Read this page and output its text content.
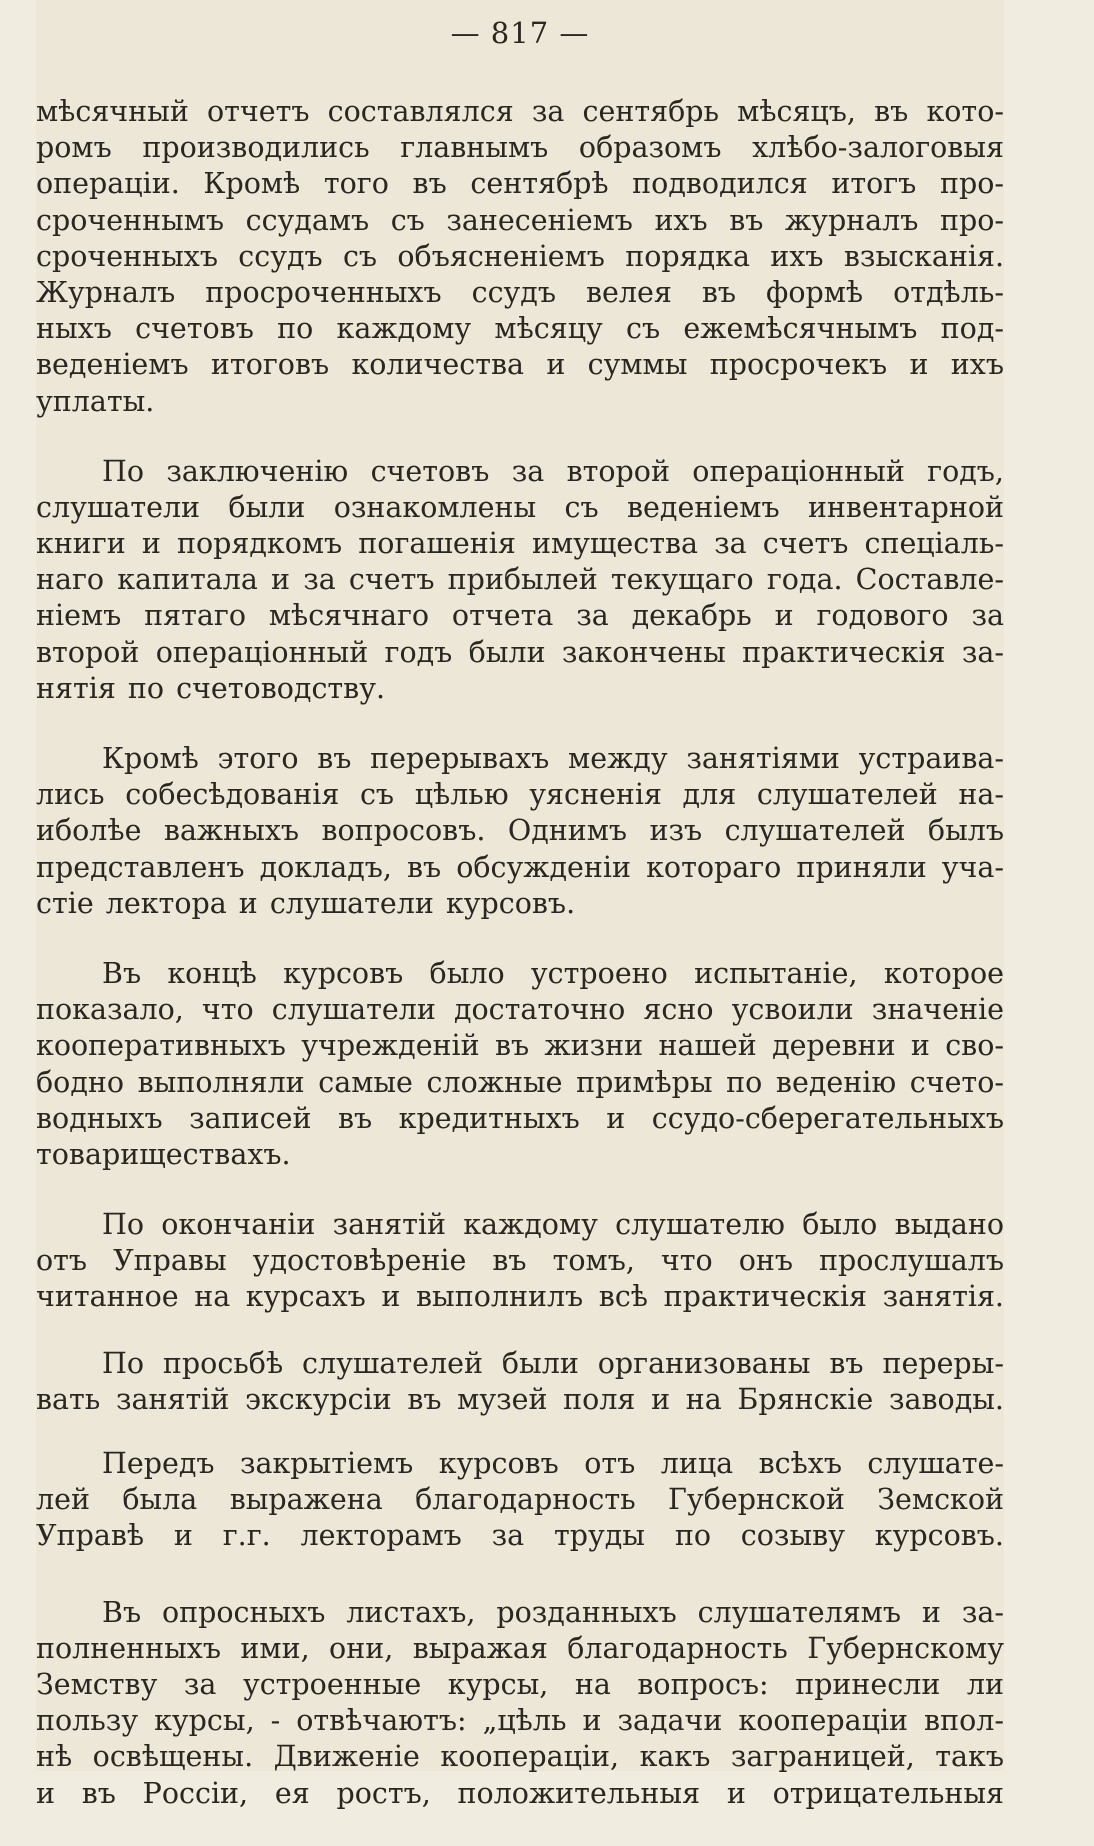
— 817 —
мѣсячный отчетъ составлялся за сентябрь мѣсяцъ, въ кото-
ромъ производились главнымъ образомъ хлѣбо-залоговыя
операціи. Кромѣ того въ сентябрѣ подводился итогъ про-
сроченнымъ ссудамъ съ занесеніемъ ихъ въ журналъ про-
сроченныхъ ссудъ съ объясненіемъ порядка ихъ взысканія.
Журналъ просроченныхъ ссудъ велея въ формѣ отдѣль-
ныхъ счетовъ по каждому мѣсяцу съ ежемѣсячнымъ под-
веденіемъ итоговъ количества и суммы просрочекъ и ихъ
уплаты.
По заключенію счетовъ за второй операціонный годъ,
слушатели были ознакомлены съ веденіемъ инвентарной
книги и порядкомъ погашенія имущества за счетъ спеціаль-
наго капитала и за счетъ прибылей текущаго года. Составле-
ніемъ пятаго мѣсячнаго отчета за декабрь и годового за
второй операціонный годъ были закончены практическія за-
нятія по счетоводству.
Кромѣ этого въ перерывахъ между занятіями устраива-
лись собесѣдованія съ цѣлью уясненія для слушателей на-
иболѣе важныхъ вопросовъ. Однимъ изъ слушателей былъ
представленъ докладъ, въ обсужденіи котораго приняли уча-
стіе лектора и слушатели курсовъ.
Въ концѣ курсовъ было устроено испытаніе, которое
показало, что слушатели достаточно ясно усвоили значеніе
кооперативныхъ учрежденій въ жизни нашей деревни и сво-
бодно выполняли самые сложные примѣры по веденію счето-
водныхъ записей въ кредитныхъ и ссудо-сберегательныхъ
товариществахъ.
По окончаніи занятій каждому слушателю было выдано
отъ Управы удостовѣреніе въ томъ, что онъ прослушалъ
читанное на курсахъ и выполнилъ всѣ практическія занятія.
По просьбѣ слушателей были организованы въ переры-
вать занятій экскурсіи въ музей поля и на Брянскіе заводы.
Передъ закрытіемъ курсовъ отъ лица всѣхъ слушате-
лей была выражена благодарность Губернской Земской
Управѣ и г.г. лекторамъ за труды по созыву курсовъ.
Въ опросныхъ листахъ, розданныхъ слушателямъ и за-
полненныхъ ими, они, выражая благодарность Губернскому
Земству за устроенные курсы, на вопросъ: принесли ли
пользу курсы, - отвѣчаютъ: „цѣль и задачи коопераціи впол-
нѣ освѣщены. Движеніе коопераціи, какъ заграницей, такъ
и въ Россіи, ея ростъ, положительныя и отрицательныя
